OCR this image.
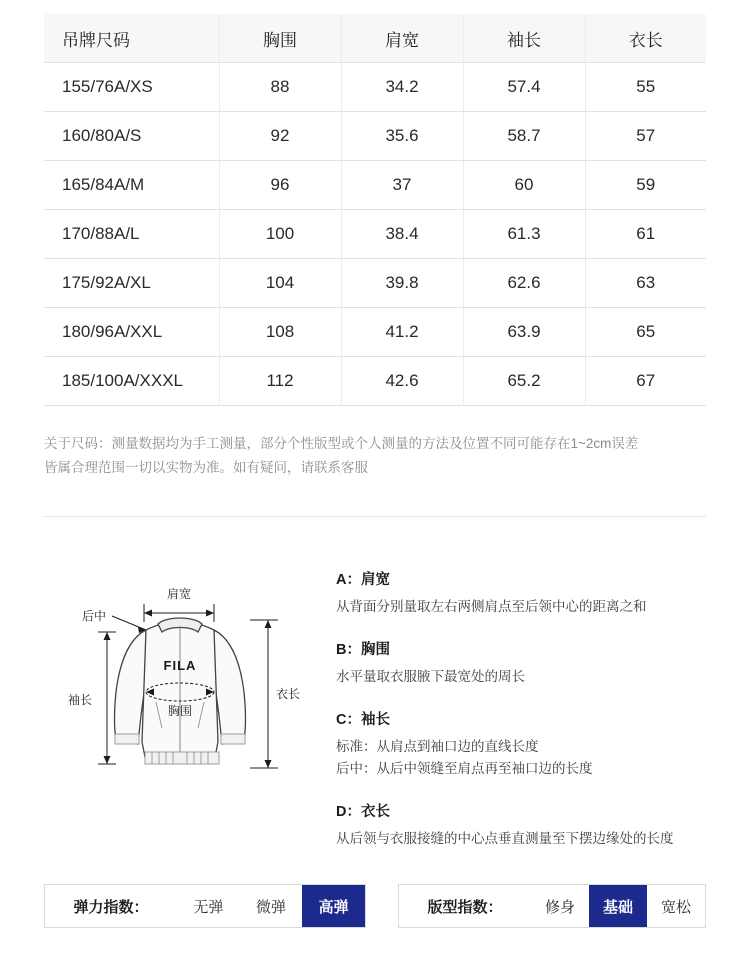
吊牌尺码	胸围	肩宽	袖长	衣长
155/76A/XS	88	34.2	57.4	55
160/80A/S	92	35.6	58.7	57
165/84A/M	96	37	60	59
170/88A/L	100	38.4	61.3	61
175/92A/XL	104	39.8	62.6	63
180/96A/XXL	108	41.2	63.9	65
185/100A/XXXL	112	42.6	65.2	67
关于尺码：测量数据均为手工测量，部分个性版型或个人测量的方法及位置不同可能存在1~2cm误差
皆属合理范围一切以实物为准。如有疑问，请联系客服
肩宽
后中
FILA
胸围
袖长	衣长
A：肩宽
从背面分别量取左右两侧肩点至后领中心的距离之和
B：胸围
水平量取衣服腋下最宽处的周长
C：袖长
标准：从肩点到袖口边的直线长度
后中：从后中领缝至肩点再至袖口边的长度
D：衣长
从后领与衣服接缝的中心点垂直测量至下摆边缘处的长度
弹力指数：	无弹	微弹	高弹	版型指数：	修身	基础	宽松
